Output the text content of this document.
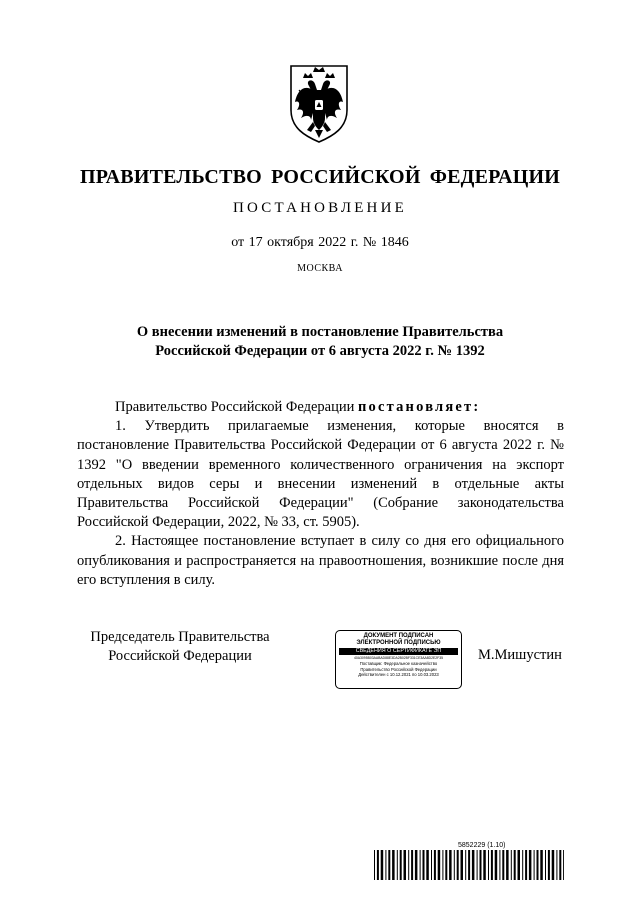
ПРАВИТЕЛЬСТВО РОССИЙСКОЙ ФЕДЕРАЦИИ
ПОСТАНОВЛЕНИЕ
от 17 октября 2022 г. № 1846
МОСКВА
О внесении изменений в постановление Правительства
Российской Федерации от 6 августа 2022 г. № 1392

Правительство Российской Федерации постановляет:

1. Утвердить прилагаемые изменения, которые вносятся в постановление Правительства Российской Федерации от 6 августа 2022 г. № 1392 "О введении временного количественного ограничения на экспорт отдельных видов серы и внесении изменений в отдельные акты Правительства Российской Федерации" (Собрание законодательства Российской Федерации, 2022, № 33, ст. 5905).

2. Настоящее постановление вступает в силу со дня его официального опубликования и распространяется на правоотношения, возникшие после дня его вступления в силу.

Председатель Правительства
Российской Федерации
ДОКУМЕНТ ПОДПИСАН
ЭЛЕКТРОННОЙ ПОДПИСЬЮ
СВЕДЕНИЯ О СЕРТИФИКАТЕ ЭП
40A3095B03AABAD88E3DA2B02BF331CE3AA8D2E2F35
Поставщик: Федеральное казначейство
Правительство Российской Федерации
Действителен с 10.12.2021 по 10.03.2023
М.Мишустин
5852229 (1.10)
